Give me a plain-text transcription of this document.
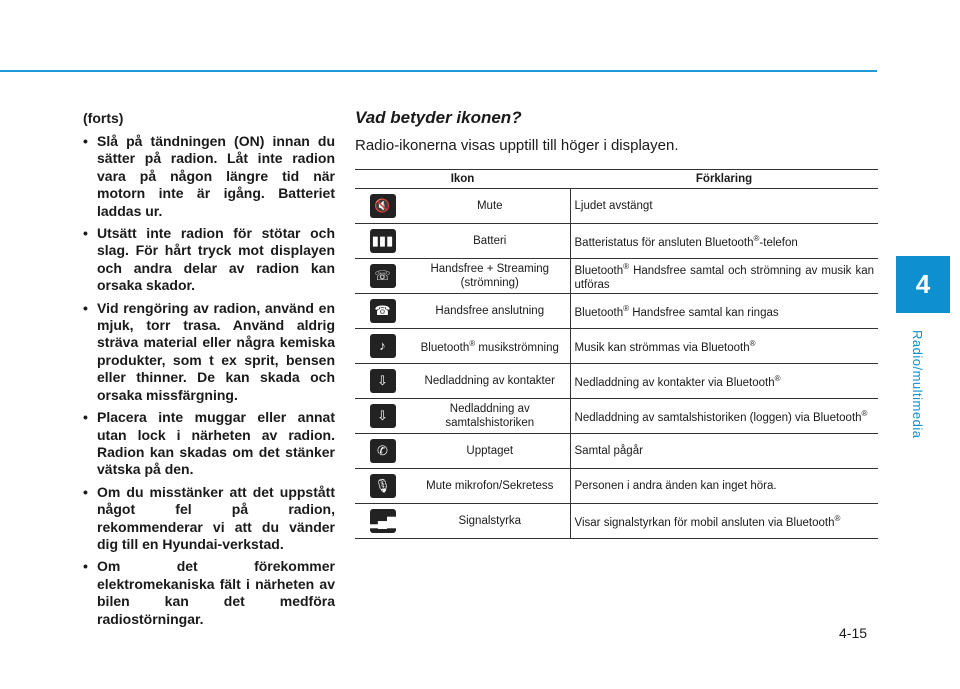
4
Radio/multimedia

(forts)

• Slå på tändningen (ON) innan du sätter på radion. Låt inte radion vara på någon längre tid när motorn inte är igång. Batteriet laddas ur.
• Utsätt inte radion för stötar och slag. För hårt tryck mot displayen och andra delar av radion kan orsaka skador.
• Vid rengöring av radion, använd en mjuk, torr trasa. Använd aldrig sträva material eller några kemiska produkter, som t ex sprit, bensen eller thinner. De kan skada och orsaka missfärgning.
• Placera inte muggar eller annat utan lock i närheten av radion. Radion kan skadas om det stänker vätska på den.
• Om du misstänker att det uppstått något fel på radion, rekommenderar vi att du vänder dig till en Hyundai-verkstad.
• Om det förekommer elektromekaniska fält i närheten av bilen kan det medföra radiostörningar.
Vad betyder ikonen?

Radio-ikonerna visas upptill till höger i displayen.

Ikon		Förklaring
🔇	Mute	Ljudet avstängt
▮▮▮	Batteri	Batteristatus för ansluten Bluetooth®-telefon
☏	Handsfree + Streaming (strömning)	Bluetooth® Handsfree samtal och strömning av musik kan utföras
☎	Handsfree anslutning	Bluetooth® Handsfree samtal kan ringas
♪	Bluetooth® musikströmning	Musik kan strömmas via Bluetooth®
⇩	Nedladdning av kontakter	Nedladdning av kontakter via Bluetooth®
⇩	Nedladdning av samtalshistoriken	Nedladdning av samtalshistoriken (loggen) via Bluetooth®
✆	Upptaget	Samtal pågår
🎙	Mute mikrofon/Sekretess	Personen i andra änden kan inget höra.
▂▄▆	Signalstyrka	Visar signalstyrkan för mobil ansluten via Bluetooth®
4-15
